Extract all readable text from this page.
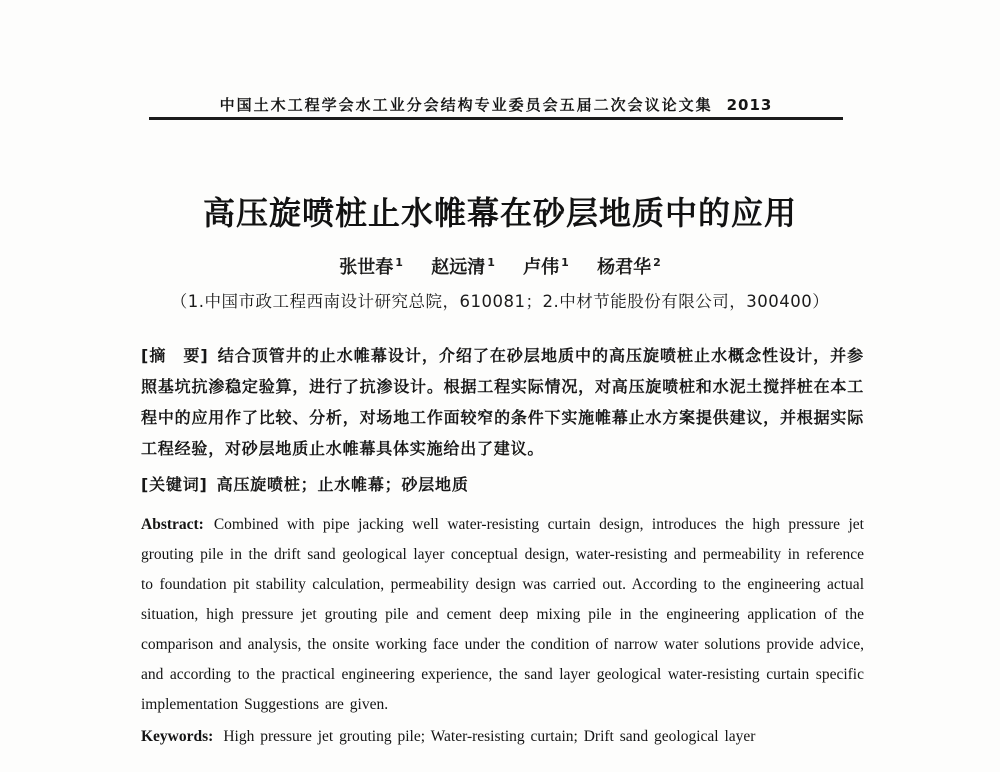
中国土木工程学会水工业分会结构专业委员会五届二次会议论文集 2013
高压旋喷桩止水帷幕在砂层地质中的应用
张世春 $^1$ 赵远清 $^1$ 卢伟 $^1$ 杨君华 $^2$
（1.中国市政工程西南设计研究总院，610081；2.中材节能股份有限公司，300400）

[摘　要] 结合顶管井的止水帷幕设计，介绍了在砂层地质中的高压旋喷桩止水概念性设计，并参照基坑抗渗稳定验算，进行了抗渗设计。根据工程实际情况，对高压旋喷桩和水泥土搅拌桩在本工程中的应用作了比较、分析，对场地工作面较窄的条件下实施帷幕止水方案提供建议，并根据实际工程经验，对砂层地质止水帷幕具体实施给出了建议。

[关键词] 高压旋喷桩；止水帷幕；砂层地质

Abstract: Combined with pipe jacking well water-resisting curtain design, introduces the high pressure jet grouting pile in the drift sand geological layer conceptual design, water-resisting and permeability in reference to foundation pit stability calculation, permeability design was carried out. According to the engineering actual situation, high pressure jet grouting pile and cement deep mixing pile in the engineering application of the comparison and analysis, the onsite working face under the condition of narrow water solutions provide advice, and according to the practical engineering experience, the sand layer geological water-resisting curtain specific implementation Suggestions are given.

Keywords: High pressure jet grouting pile; Water-resisting curtain; Drift sand geological layer
